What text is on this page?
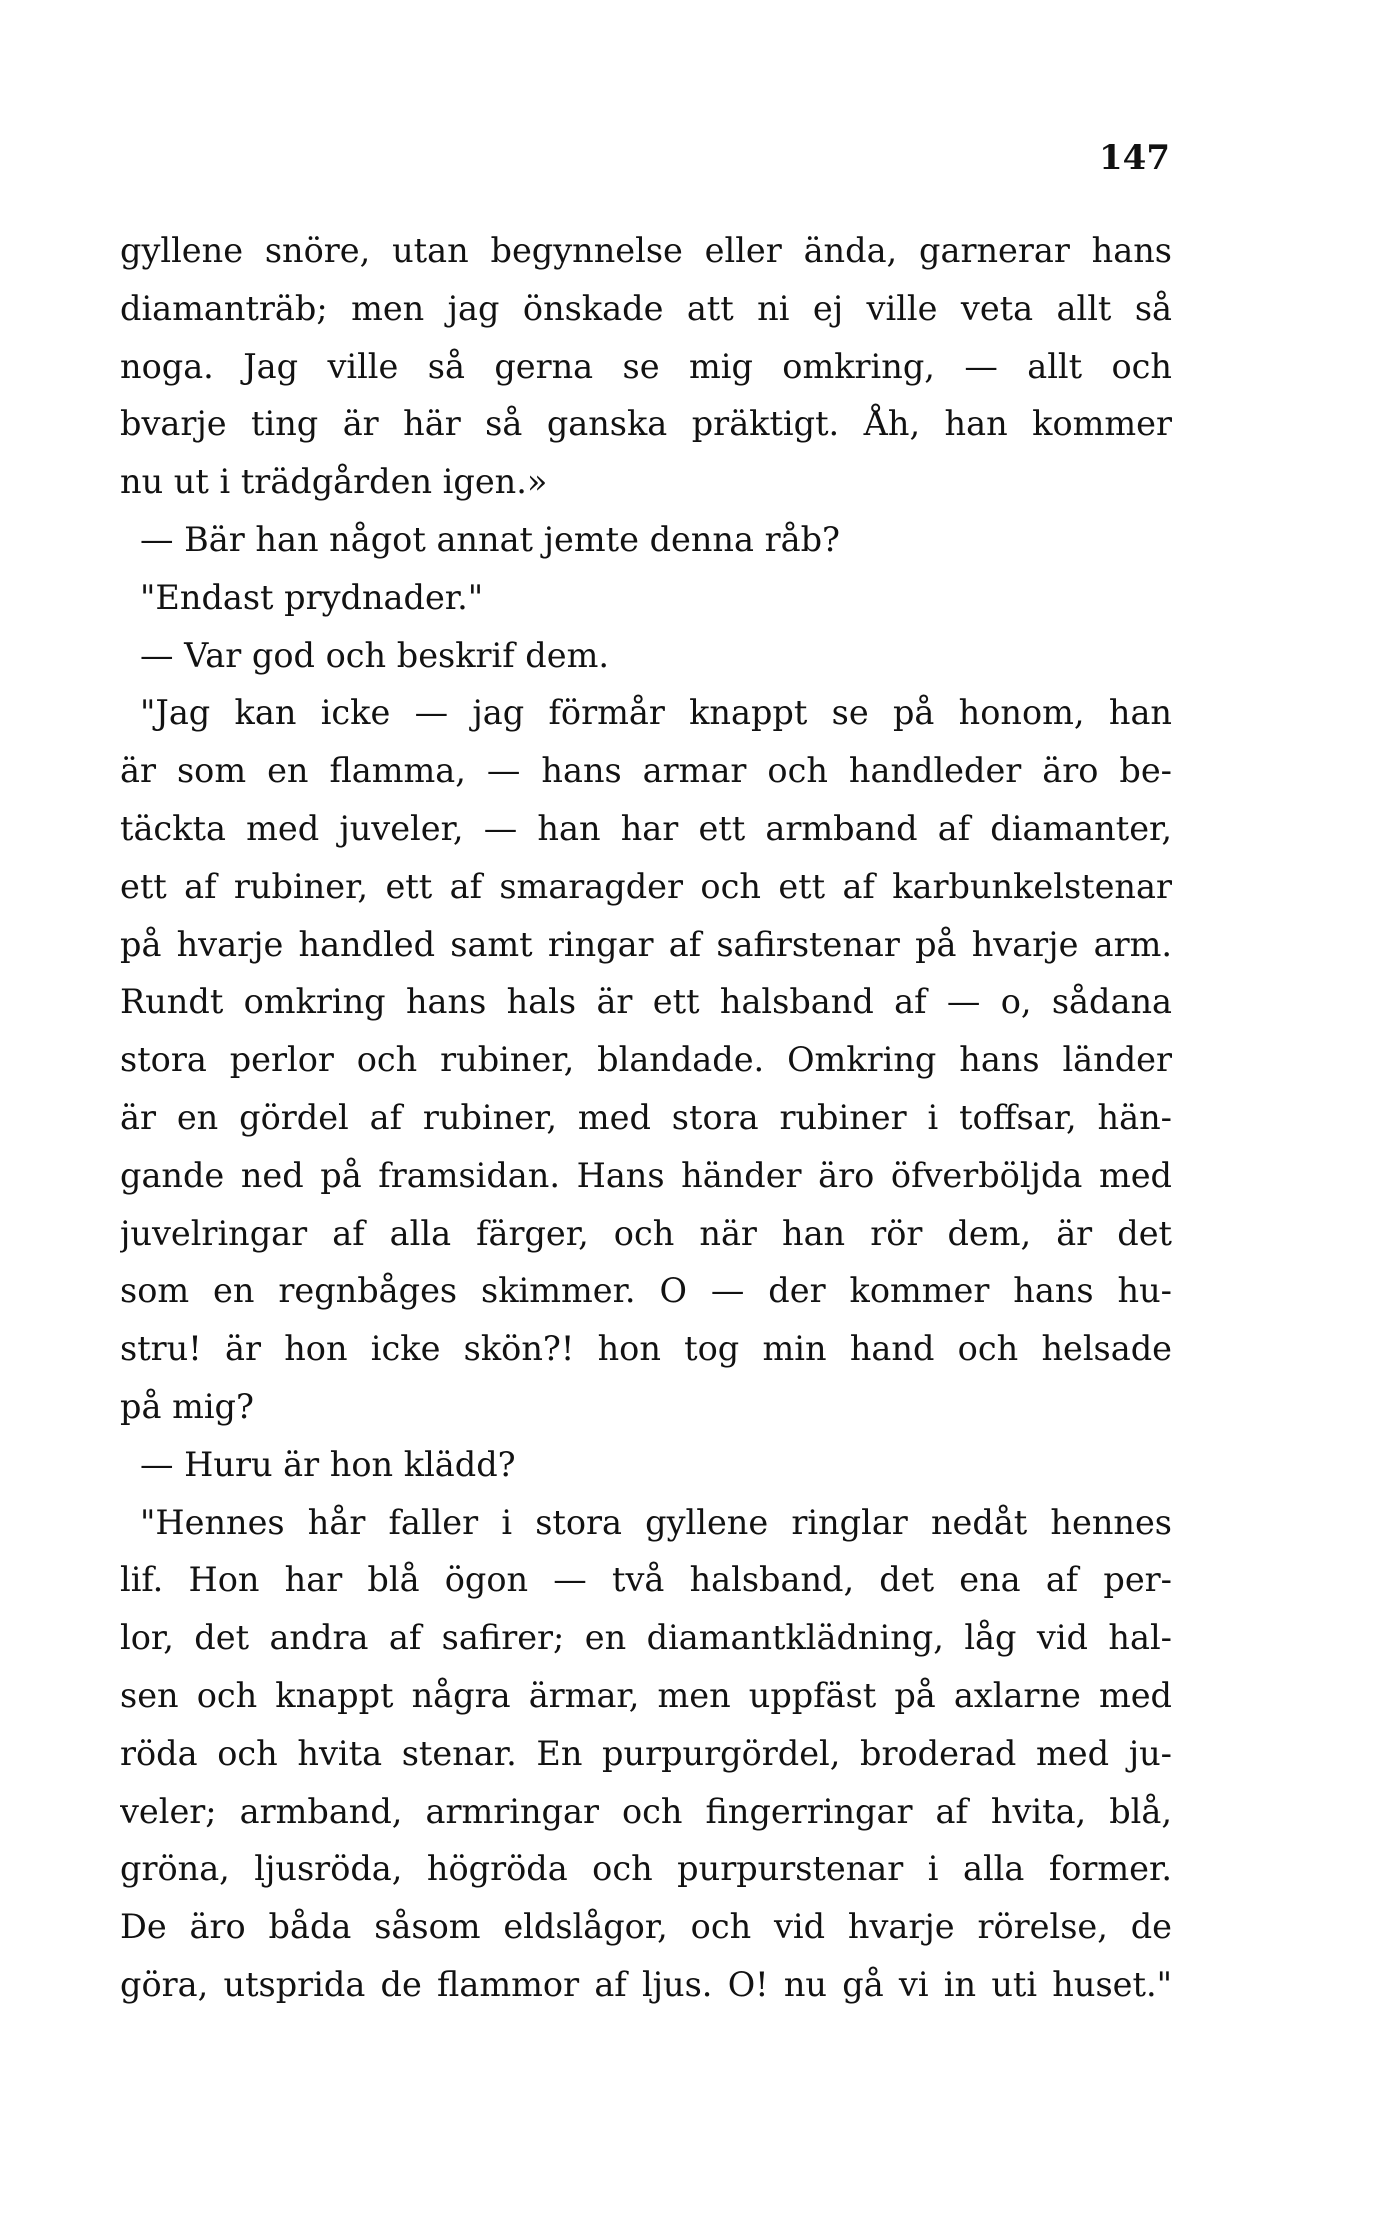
147
gyllene snöre, utan begynnelse eller ända, garnerar hans
diamanträb; men jag önskade att ni ej ville veta allt så
noga. Jag ville så gerna se mig omkring, — allt och
bvarje ting är här så ganska präktigt. Åh, han kommer
nu ut i trädgården igen.»
— Bär han något annat jemte denna råb?
"Endast prydnader."
— Var god och beskrif dem.
"Jag kan icke — jag förmår knappt se på honom, han
är som en flamma, — hans armar och handleder äro be-
täckta med juveler, — han har ett armband af diamanter,
ett af rubiner, ett af smaragder och ett af karbunkelstenar
på hvarje handled samt ringar af safirstenar på hvarje arm.
Rundt omkring hans hals är ett halsband af — o, sådana
stora perlor och rubiner, blandade. Omkring hans länder
är en gördel af rubiner, med stora rubiner i toffsar, hän-
gande ned på framsidan. Hans händer äro öfverböljda med
juvelringar af alla färger, och när han rör dem, är det
som en regnbåges skimmer. O — der kommer hans hu-
stru! är hon icke skön?! hon tog min hand och helsade
på mig?
— Huru är hon klädd?
"Hennes hår faller i stora gyllene ringlar nedåt hennes
lif. Hon har blå ögon — två halsband, det ena af per-
lor, det andra af safirer; en diamantklädning, låg vid hal-
sen och knappt några ärmar, men uppfäst på axlarne med
röda och hvita stenar. En purpurgördel, broderad med ju-
veler; armband, armringar och fingerringar af hvita, blå,
gröna, ljusröda, högröda och purpurstenar i alla former.
De äro båda såsom eldslågor, och vid hvarje rörelse, de
göra, utsprida de flammor af ljus. O! nu gå vi in uti huset."
